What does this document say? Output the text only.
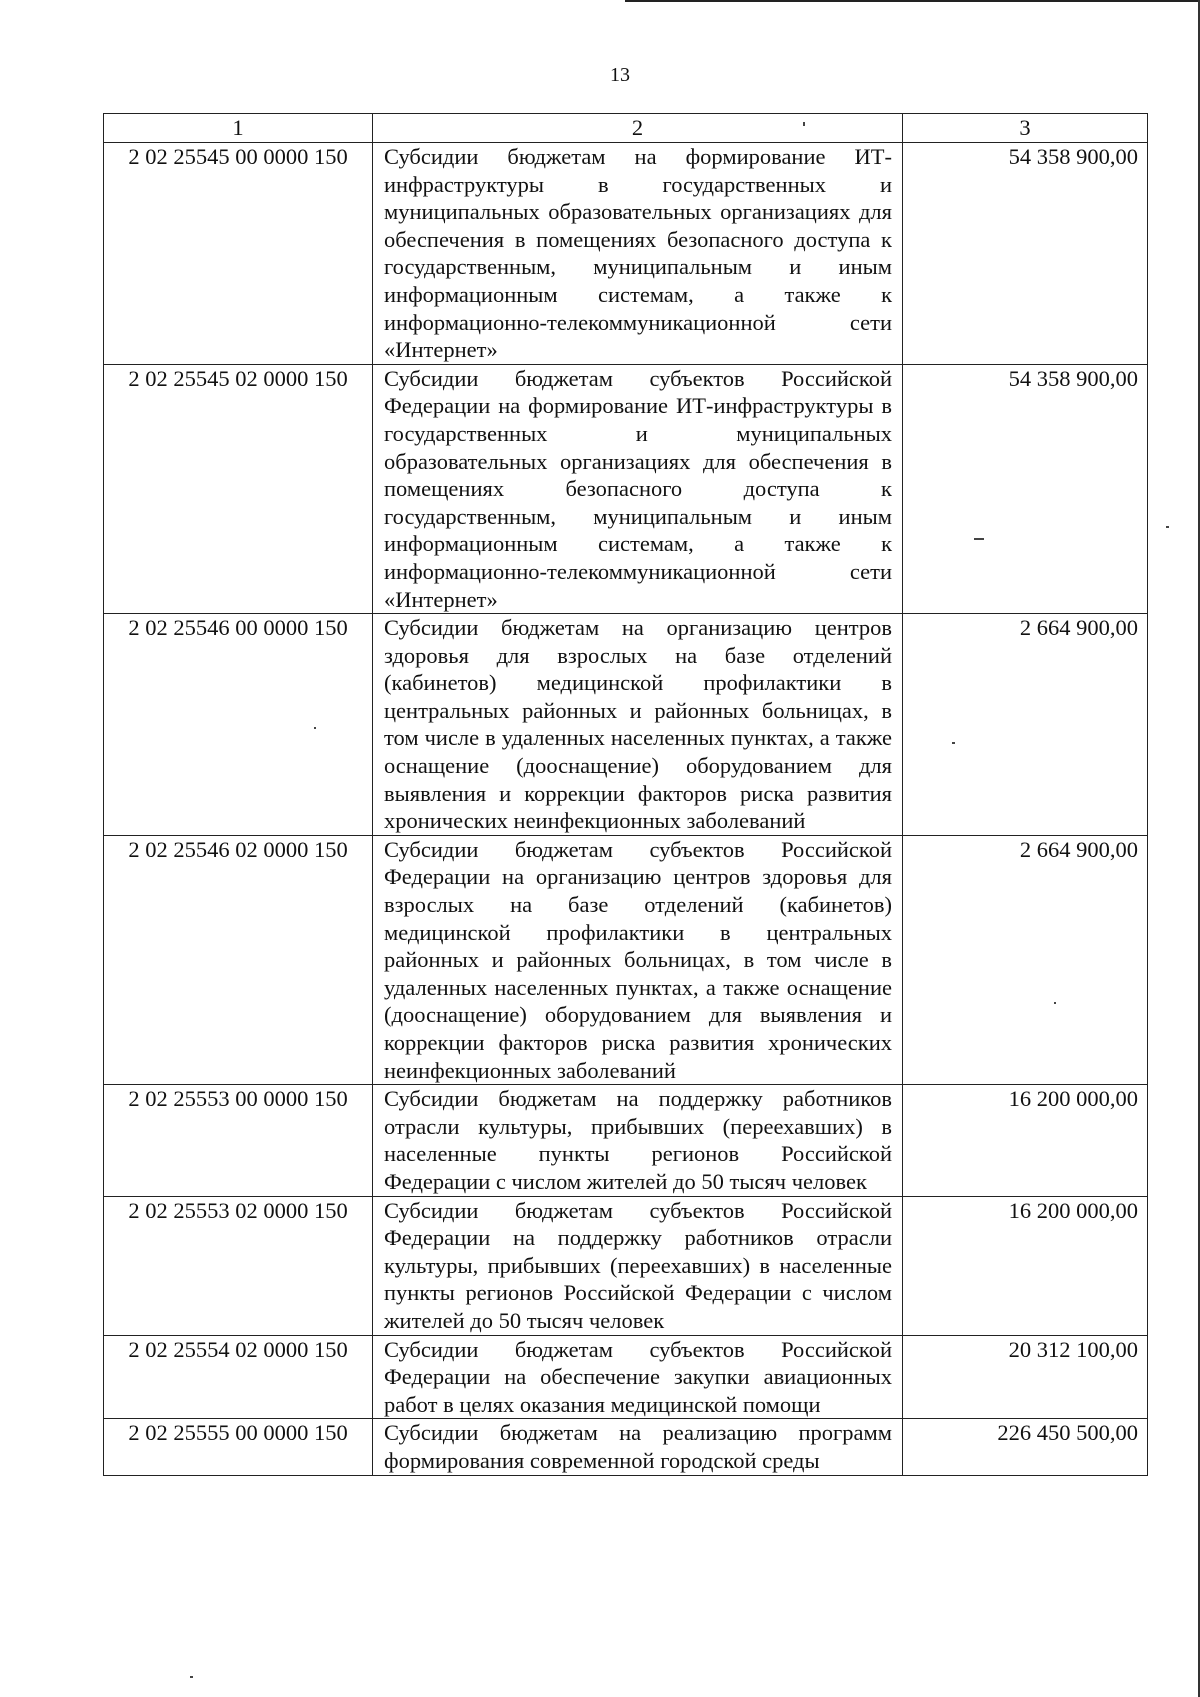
13
1	2	3
2 02 25545 00 0000 150	Субсидии бюджетам на формирование ИТ-инфраструктуры в государственных и муниципальных образовательных организациях для обеспечения в помещениях безопасного доступа к государственным, муниципальным и иным информационным системам, а также к информационно-телекоммуникационной сети «Интернет»	54 358 900,00
2 02 25545 02 0000 150	Субсидии бюджетам субъектов Российской Федерации на формирование ИТ-инфраструктуры в государственных и муниципальных образовательных организациях для обеспечения в помещениях безопасного доступа к государственным, муниципальным и иным информационным системам, а также к информационно-телекоммуникационной сети «Интернет»	54 358 900,00
2 02 25546 00 0000 150	Субсидии бюджетам на организацию центров здоровья для взрослых на базе отделений (кабинетов) медицинской профилактики в центральных районных и районных больницах, в том числе в удаленных населенных пунктах, а также оснащение (дооснащение) оборудованием для выявления и коррекции факторов риска развития хронических неинфекционных заболеваний	2 664 900,00
2 02 25546 02 0000 150	Субсидии бюджетам субъектов Российской Федерации на организацию центров здоровья для взрослых на базе отделений (кабинетов) медицинской профилактики в центральных районных и районных больницах, в том числе в удаленных населенных пунктах, а также оснащение (дооснащение) оборудованием для выявления и коррекции факторов риска развития хронических неинфекционных заболеваний	2 664 900,00
2 02 25553 00 0000 150	Субсидии бюджетам на поддержку работников отрасли культуры, прибывших (переехавших) в населенные пункты регионов Российской Федерации с числом жителей до 50 тысяч человек	16 200 000,00
2 02 25553 02 0000 150	Субсидии бюджетам субъектов Российской Федерации на поддержку работников отрасли культуры, прибывших (переехавших) в населенные пункты регионов Российской Федерации с числом жителей до 50 тысяч человек	16 200 000,00
2 02 25554 02 0000 150	Субсидии бюджетам субъектов Российской Федерации на обеспечение закупки авиационных работ в целях оказания медицинской помощи	20 312 100,00
2 02 25555 00 0000 150	Субсидии бюджетам на реализацию программ формирования современной городской среды	226 450 500,00
